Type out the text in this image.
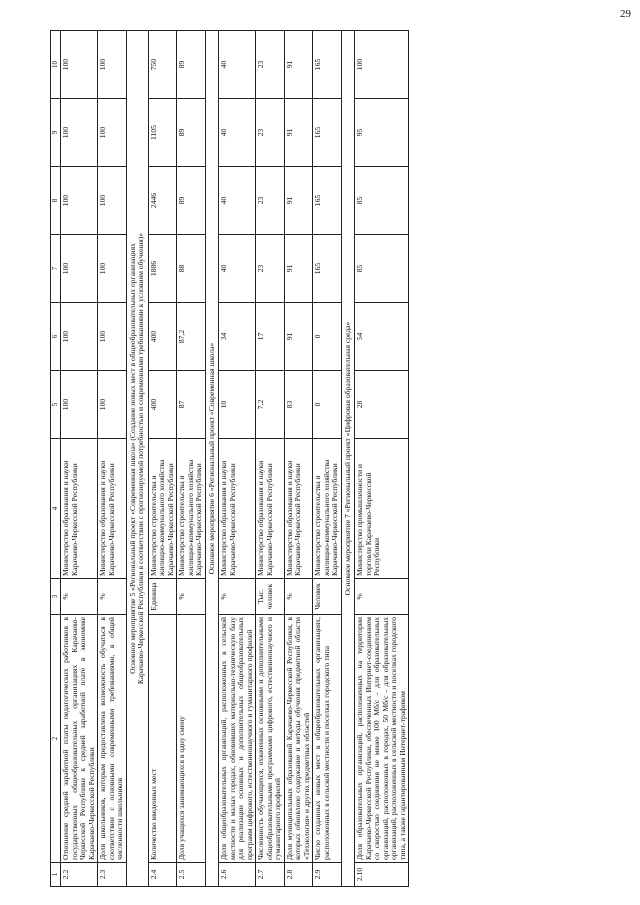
29
1	2	3	4	5	6	7	8	9	10
2.2	Отношение средней заработной платы педагогических работников в государственных общеобразовательных организациях Карачаево-Черкесской Республики к средней заработной плате в экономике Карачаево-Черкесской Республики	%	Министерство образования и науки Карачаево-Черкесской Республики	100	100	100	100	100	100
2.3	Доля школьников, которым предоставлена возможность обучаться в соответствии с основными современными требованиями, в общей численности школьников	%	Министерство образования и науки Карачаево-Черкесской Республики	100	100	100	100	100	100

Основное мероприятие 5 «Региональный проект «Современная школа» (Создание новых мест в общеобразовательных организациях Карачаево-Черкесской Республики в соответствии с прогнозируемой потребностью и современными требованиями к условиям обучения)»									

2.4	Количество введенных мест	Единица	Министерство строительства и жилищно-коммунального хозяйства Карачаево-Черкесской Республики	400	400	1886	2446	1105	750
2.5	Доля учащихся занимающихся в одну смену	%	Министерство строительства и жилищно-коммунального хозяйства Карачаево-Черкесской Республики	87	87,2	88	89	89	89

Основное мероприятие 6 «Региональный проект «Современная школа»									

2.6	Доля общеобразовательных организаций, расположенных в сельской местности и малых городах, обновивших материально-техническую базу для реализации основных и дополнительных общеобразовательных программ цифрового, естественнонаучного и гуманитарного профилей	%	Министерство образования и науки Карачаево-Черкесской Республики	10	34	40	40	40	40
2.7	Численность обучающихся, охваченных основными и дополнительными общеобразовательными программами цифрового, естественнонаучного и гуманитарного профилей	Тыс. человек	Министерство образования и науки Карачаево-Черкесской Республики	7,2	17	23	23	23	23
2.8	Доля муниципальных образований Карачаево-Черкесской Республики, в которых обновлено содержание и методы обучения предметной области «Технология» и других предметных областей	%	Министерство образования и науки Карачаево-Черкесской Республики	83	91	91	91	91	91
2.9	Число созданных новых мест в общеобразовательных организациях, расположенных в сельской местности и поселках городского типа	Человек	Министерство строительства и жилищно-коммунального хозяйства Карачаево-Черкесской Республики	0	0	165	165	165	165

Основное мероприятие 7 «Региональный проект «Цифровая образовательная среда»									

2.10	Доля образовательных организаций, расположенных на территории Карачаево-Черкесской Республики, обеспеченных Интернет-соединением со скоростью соединения не менее 100 Мб/с - для образовательных организаций, расположенных в городах, 50 Мб/с - для образовательных организаций, расположенных в сельской местности и поселках городского типа, а также гарантированным Интернет-трафиком	%	Министерство промышленности и торговли Карачаево-Черкесской Республики	28	54	85	85	95	100
